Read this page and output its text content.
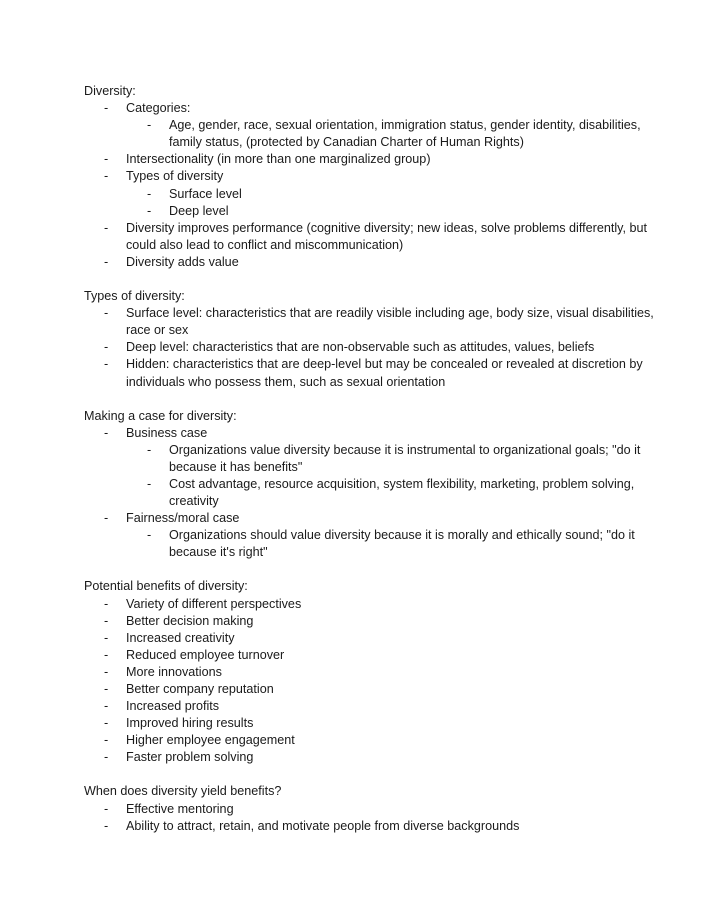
Diversity:

- Categories:
- Age, gender, race, sexual orientation, immigration status, gender identity, disabilities, family status, (protected by Canadian Charter of Human Rights)
- Intersectionality (in more than one marginalized group)
- Types of diversity
- Surface level
- Deep level
- Diversity improves performance (cognitive diversity; new ideas, solve problems differently, but could also lead to conflict and miscommunication)
- Diversity adds value

Types of diversity:

- Surface level: characteristics that are readily visible including age, body size, visual disabilities, race or sex
- Deep level: characteristics that are non-observable such as attitudes, values, beliefs
- Hidden: characteristics that are deep-level but may be concealed or revealed at discretion by individuals who possess them, such as sexual orientation

Making a case for diversity:

- Business case
- Organizations value diversity because it is instrumental to organizational goals; "do it because it has benefits"
- Cost advantage, resource acquisition, system flexibility, marketing, problem solving, creativity
- Fairness/moral case
- Organizations should value diversity because it is morally and ethically sound; "do it because it's right"

Potential benefits of diversity:

- Variety of different perspectives
- Better decision making
- Increased creativity
- Reduced employee turnover
- More innovations
- Better company reputation
- Increased profits
- Improved hiring results
- Higher employee engagement
- Faster problem solving

When does diversity yield benefits?

- Effective mentoring
- Ability to attract, retain, and motivate people from diverse backgrounds
